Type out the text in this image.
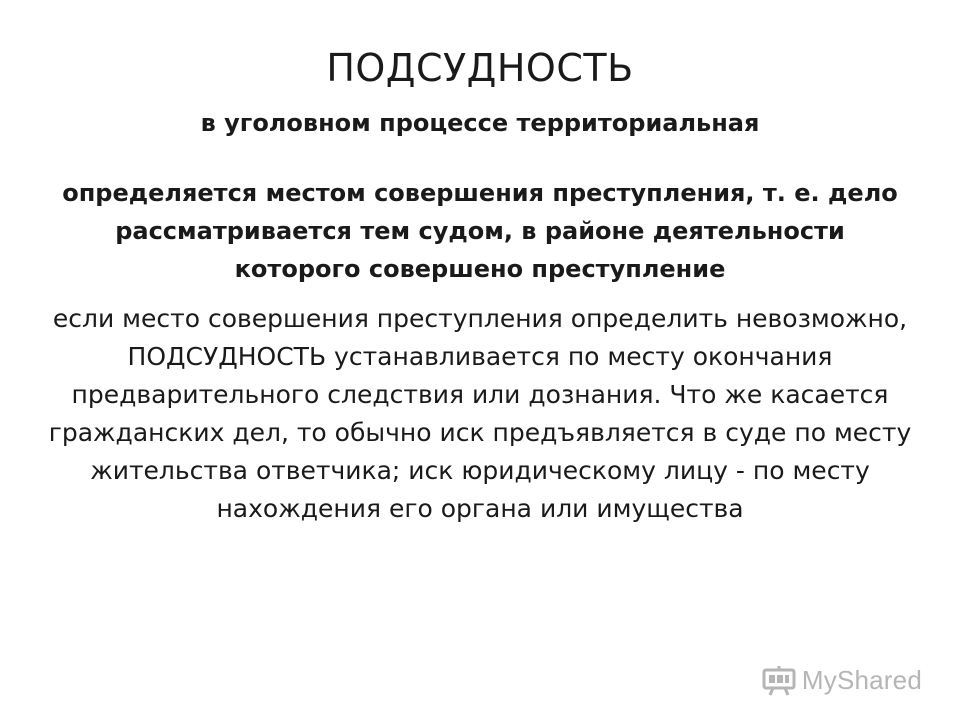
ПОДСУДНОСТЬ
в уголовном процессе территориальная
определяется местом совершения преступления, т. е. дело рассматривается тем судом, в районе деятельности которого совершено преступление
если место совершения преступления определить невозможно, ПОДСУДНОСТЬ устанавливается по месту окончания предварительного следствия или дознания. Что же касается гражданских дел, то обычно иск предъявляется в суде по месту жительства ответчика; иск юридическому лицу - по месту нахождения его органа или имущества
MyShared
